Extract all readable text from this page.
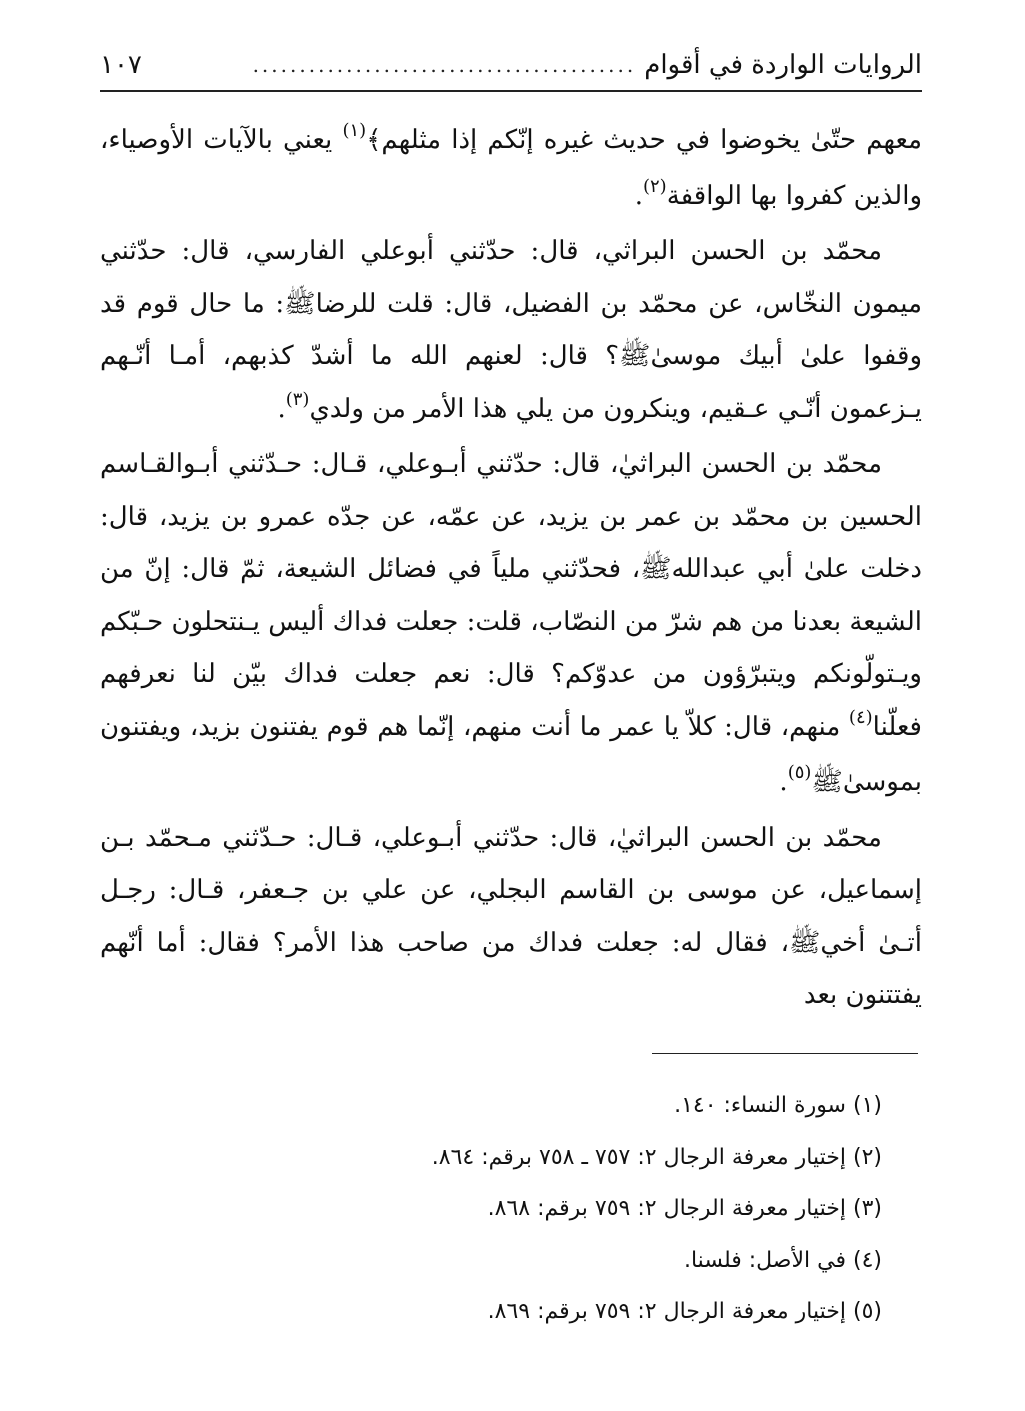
الروايات الواردة في أقوام
.........................................
١٠٧

معهم حتّىٰ يخوضوا في حديث غيره إنّكم إذا مثلهم﴾$^{(١)}$ يعني بالآيات الأوصياء، والذين كفروا بها الواقفة$^{(٢)}$.

محمّد بن الحسن البراثي، قال: حدّثني أبوعلي الفارسي، قال: حدّثني ميمون النخّاس، عن محمّد بن الفضيل، قال: قلت للرضاﷺ: ما حال قوم قد وقفوا علىٰ أبيك موسىٰﷺ؟ قال: لعنهم الله ما أشدّ كذبهم، أمـا أنّـهم يـزعمون أنّـي عـقيم، وينكرون من يلي هذا الأمر من ولدي$^{(٣)}$.

محمّد بن الحسن البراثيٰ، قال: حدّثني أبـوعلي، قـال: حـدّثني أبـوالقـاسم الحسين بن محمّد بن عمر بن يزيد، عن عمّه، عن جدّه عمرو بن يزيد، قال: دخلت علىٰ أبي عبداللهﷺ، فحدّثني ملياً في فضائل الشيعة، ثمّ قال: إنّ من الشيعة بعدنا من هم شرّ من النصّاب، قلت: جعلت فداك أليس يـنتحلون حـبّكم ويـتولّونكم ويتبرّؤون من عدوّكم؟ قال: نعم جعلت فداك بيّن لنا نعرفهم فعلّنا$^{(٤)}$ منهم، قال: كلاّ يا عمر ما أنت منهم، إنّما هم قوم يفتنون بزيد، ويفتنون بموسىٰﷺ$^{(٥)}$.

محمّد بن الحسن البراثيٰ، قال: حدّثني أبـوعلي، قـال: حـدّثني مـحمّد بـن إسماعيل، عن موسى بن القاسم البجلي، عن علي بن جـعفر، قـال: رجـل أتـىٰ أخيﷺ، فقال له: جعلت فداك من صاحب هذا الأمر؟ فقال: أما أنّهم يفتتنون بعد

(١) سورة النساء: ١٤٠.
(٢) إختيار معرفة الرجال ٢: ٧٥٧ ـ ٧٥٨ برقم: ٨٦٤.
(٣) إختيار معرفة الرجال ٢: ٧٥٩ برقم: ٨٦٨.
(٤) في الأصل: فلسنا.
(٥) إختيار معرفة الرجال ٢: ٧٥٩ برقم: ٨٦٩.
